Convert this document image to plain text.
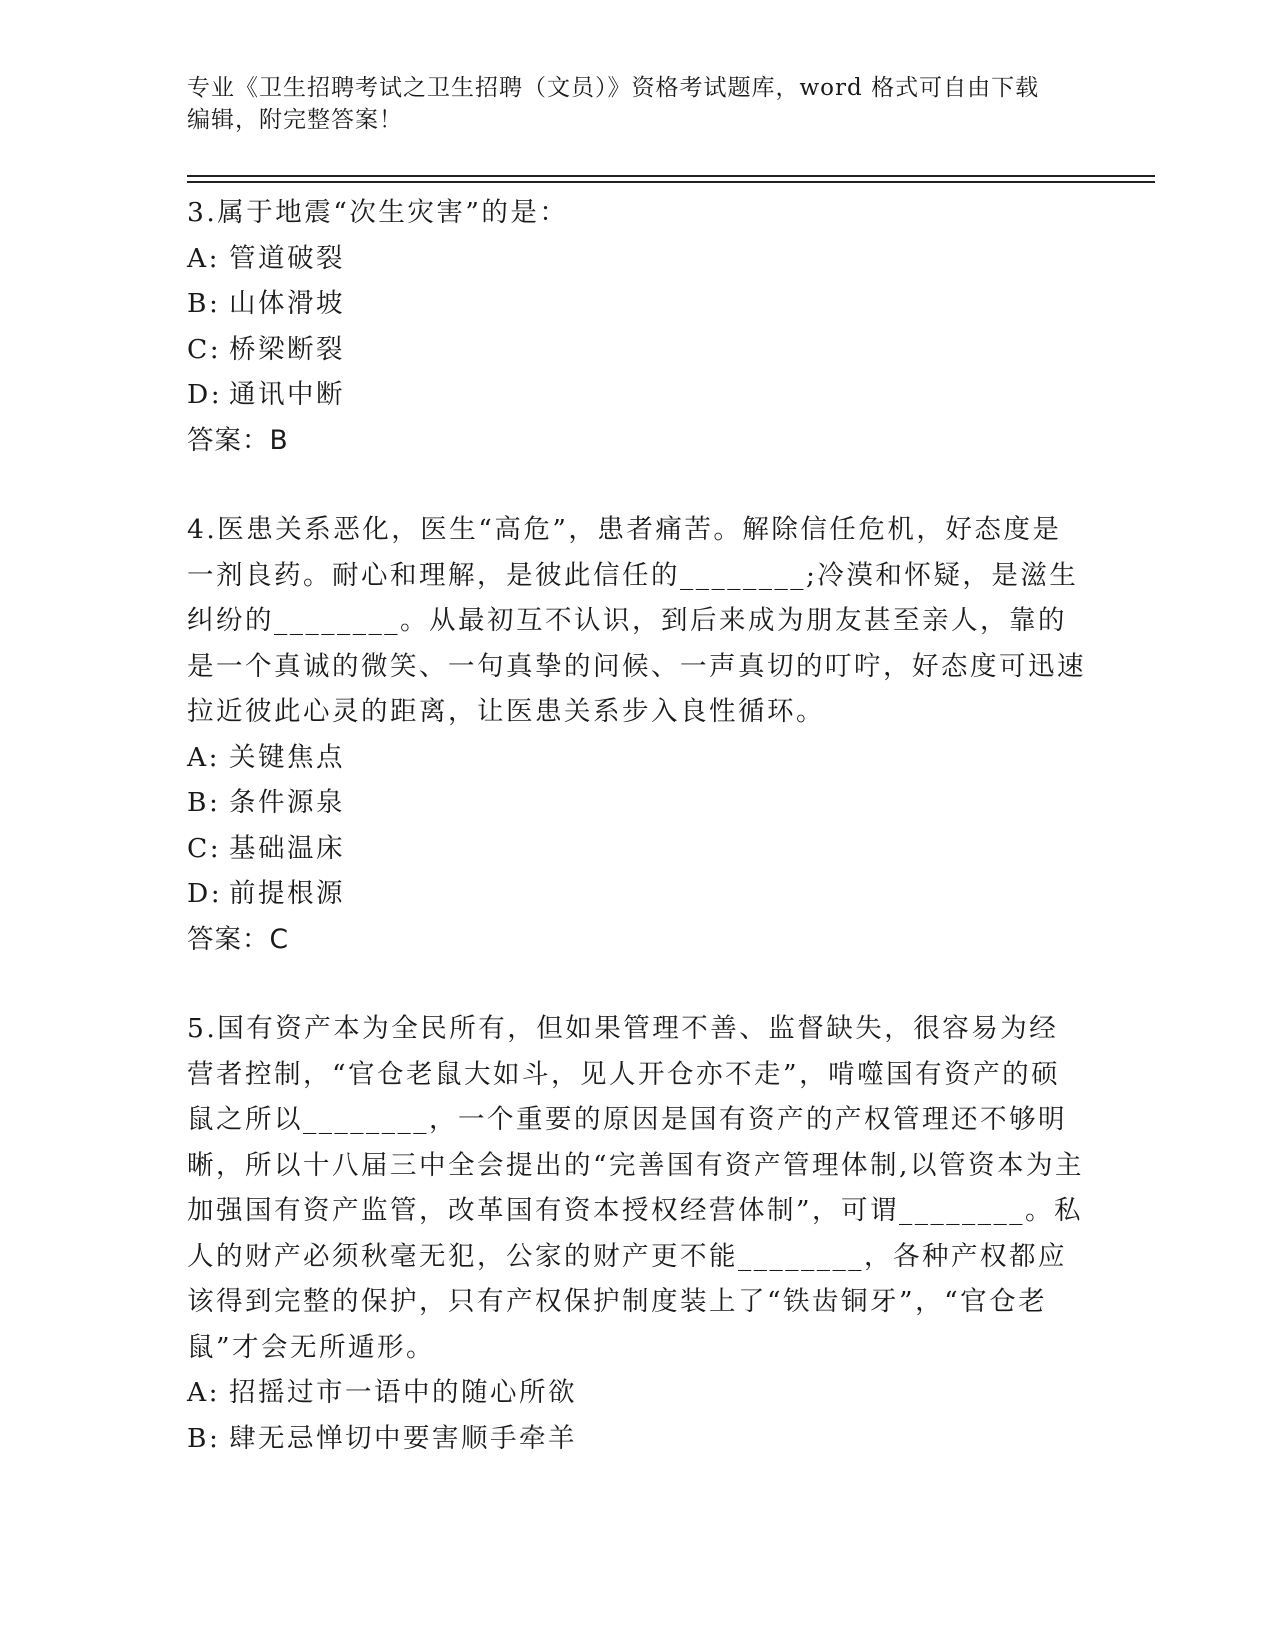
专业《卫生招聘考试之卫生招聘（文员）》资格考试题库，word 格式可自由下载
编辑，附完整答案！
3.属于地震“次生灾害”的是：
A: 管道破裂
B: 山体滑坡
C: 桥梁断裂
D: 通讯中断
答案：B
4.医患关系恶化，医生“高危”，患者痛苦。解除信任危机，好态度是一剂良药。耐心和理解，是彼此信任的________;冷漠和怀疑，是滋生纠纷的________。从最初互不认识，到后来成为朋友甚至亲人，靠的是一个真诚的微笑、一句真挚的问候、一声真切的叮咛，好态度可迅速拉近彼此心灵的距离，让医患关系步入良性循环。
A: 关键焦点
B: 条件源泉
C: 基础温床
D: 前提根源
答案：C
5.国有资产本为全民所有，但如果管理不善、监督缺失，很容易为经营者控制，“官仓老鼠大如斗，见人开仓亦不走”，啃噬国有资产的硕鼠之所以________，一个重要的原因是国有资产的产权管理还不够明晰，所以十八届三中全会提出的“完善国有资产管理体制,以管资本为主加强国有资产监管，改革国有资本授权经营体制”，可谓________。私人的财产必须秋毫无犯，公家的财产更不能________，各种产权都应该得到完整的保护，只有产权保护制度装上了“铁齿铜牙”，“官仓老鼠”才会无所遁形。
A: 招摇过市一语中的随心所欲
B: 肆无忌惮切中要害顺手牵羊
